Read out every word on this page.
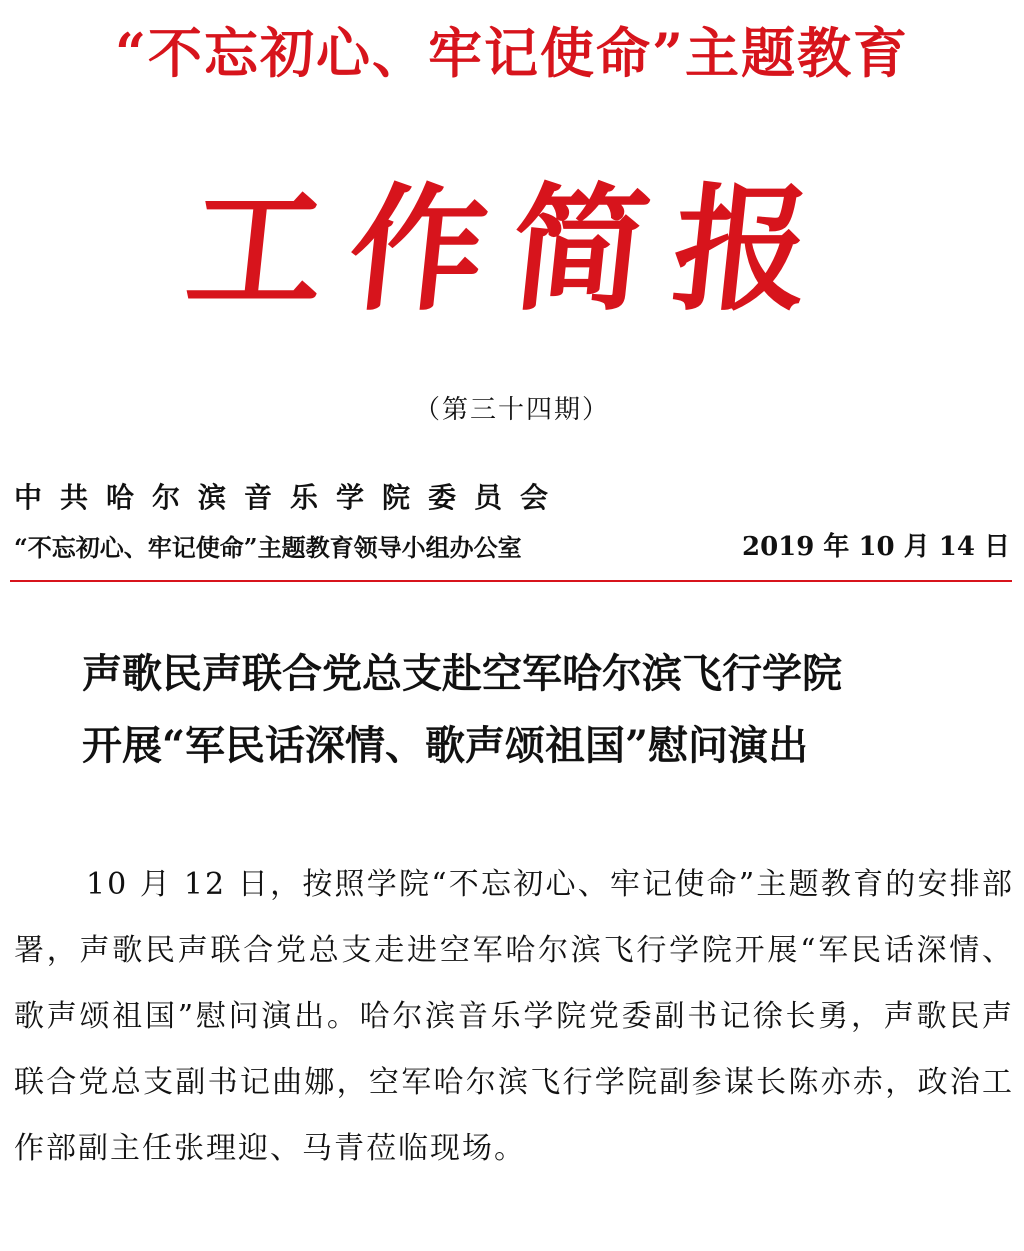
“不忘初心、牢记使命”主题教育
工作简报
（第三十四期）
中共哈尔滨音乐学院委员会
“不忘初心、牢记使命”主题教育领导小组办公室	2019 年 10 月 14 日
声歌民声联合党总支赴空军哈尔滨飞行学院
开展“军民话深情、歌声颂祖国”慰问演出

10 月 12 日，按照学院“不忘初心、牢记使命”主题教育的安排部署，声歌民声联合党总支走进空军哈尔滨飞行学院开展“军民话深情、歌声颂祖国”慰问演出。哈尔滨音乐学院党委副书记徐长勇，声歌民声联合党总支副书记曲娜，空军哈尔滨飞行学院副参谋长陈亦赤，政治工作部副主任张理迎、马青莅临现场。
